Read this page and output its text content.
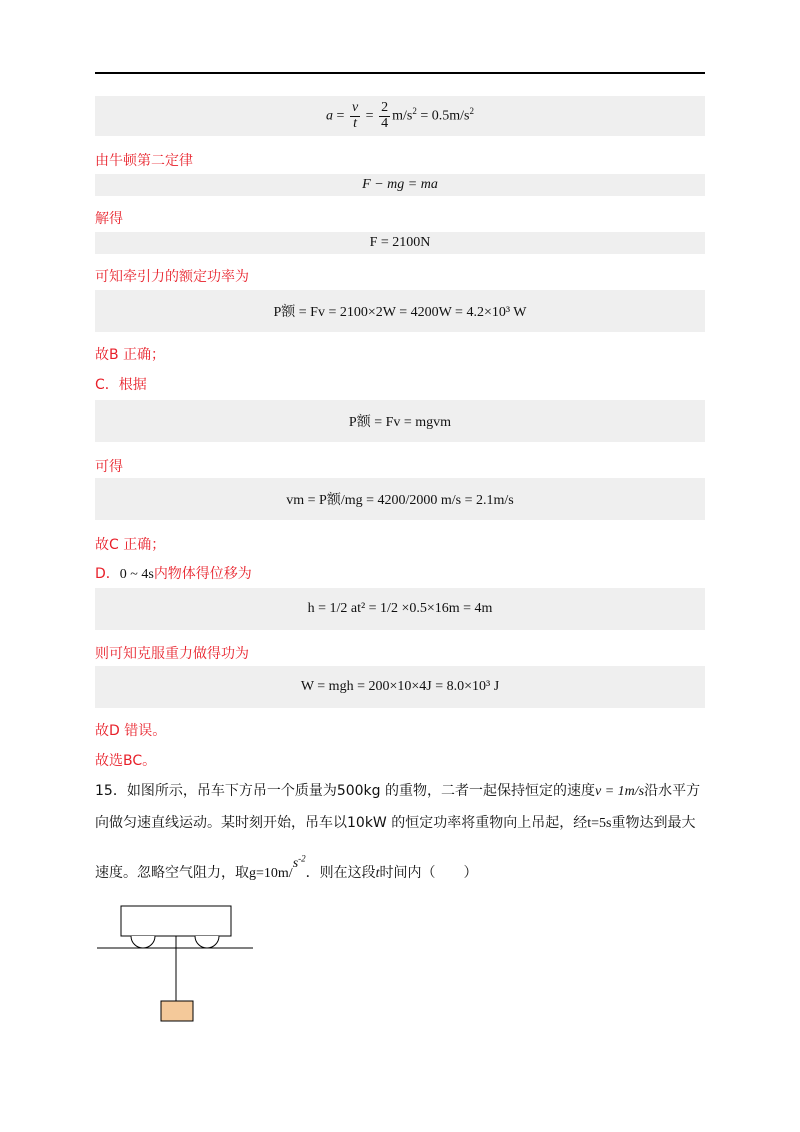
$a = \frac{v}{t} = \frac{2}{4} m/s^2 = 0.5m/s^2$
由牛顿第二定律
F − mg = ma
解得
F = 2100N
可知牵引力的额定功率为
P额 = Fv = 2100×2W = 4200W = 4.2×10³ W
故B 正确；
C．根据
P额 = Fv = mgvm
可得
vm = P额/mg = 4200/2000 m/s = 2.1m/s
故C 正确；
D．0 ~ 4s内物体得位移为
h = 1/2 at² = 1/2 ×0.5×16m = 4m
则可知克服重力做得功为
W = mgh = 200×10×4J = 8.0×10³ J
故D 错误。
故选BC。
15．如图所示，吊车下方吊一个质量为500kg 的重物，二者一起保持恒定的速度v = 1m/s沿水平方
向做匀速直线运动。某时刻开始，吊车以10kW 的恒定功率将重物向上吊起，经t=5s重物达到最大
速度。忽略空气阻力，取$g=10m/s^{-2}$．则在这段t时间内（　　）
